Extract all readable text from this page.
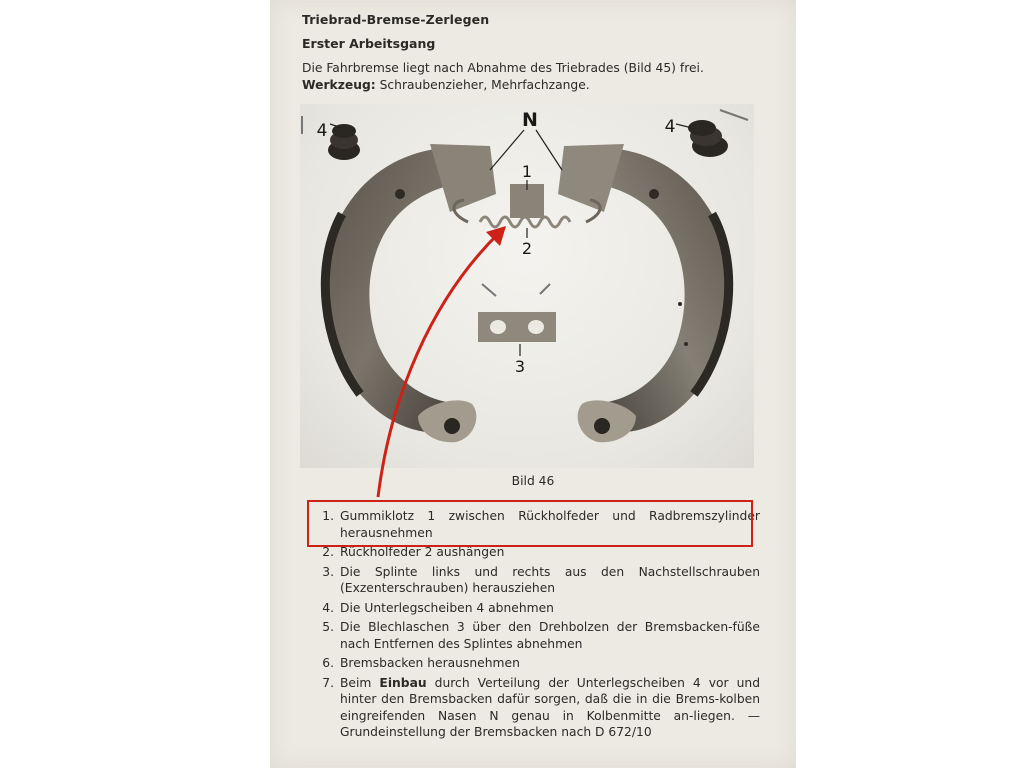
Triebrad-Bremse-Zerlegen
Erster Arbeitsgang
Die Fahrbremse liegt nach Abnahme des Triebrades (Bild 45) frei.
Werkzeug: Schraubenzieher, Mehrfachzange.
N
4	4
1
2
3
Bild 46
1. Gummiklotz 1 zwischen Rückholfeder und Radbremszylinder herausnehmen
2. Rückholfeder 2 aushängen
3. Die Splinte links und rechts aus den Nachstellschrauben (Exzenterschrauben) herausziehen
4. Die Unterlegscheiben 4 abnehmen
5. Die Blechlaschen 3 über den Drehbolzen der Bremsbacken-füße nach Entfernen des Splintes abnehmen
6. Bremsbacken herausnehmen
7. Beim Einbau durch Verteilung der Unterlegscheiben 4 vor und hinter den Bremsbacken dafür sorgen, daß die in die Brems-kolben eingreifenden Nasen N genau in Kolbenmitte an-liegen. — Grundeinstellung der Bremsbacken nach D 672/10
